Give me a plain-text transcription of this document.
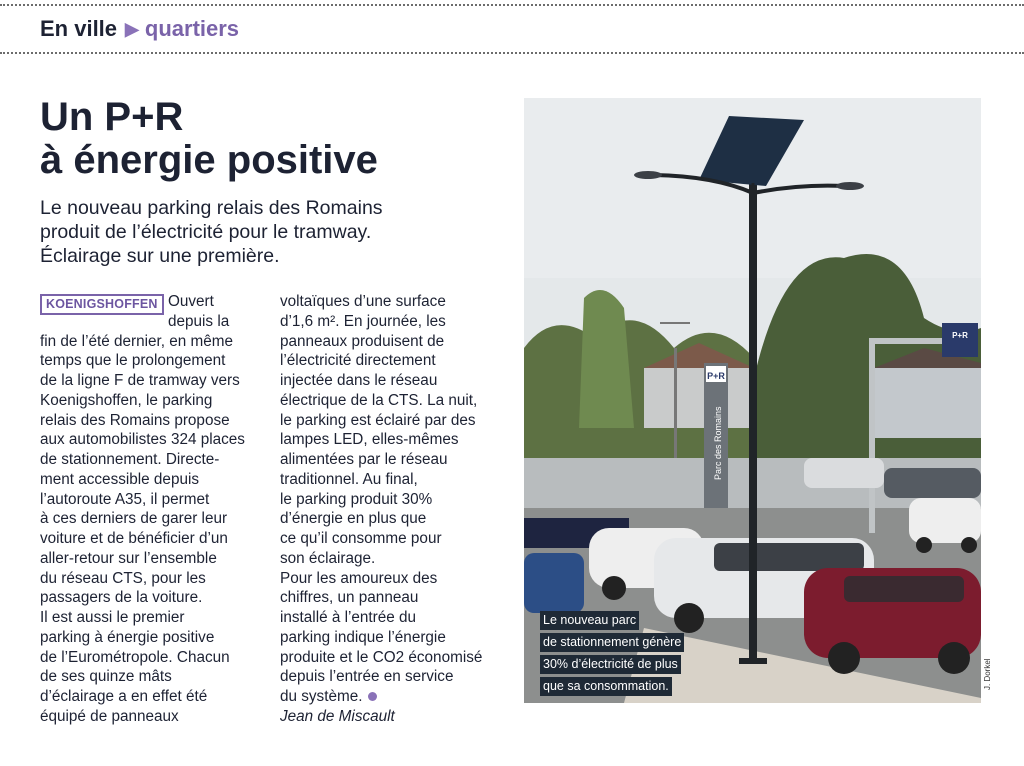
En ville ▶ quartiers
Un P+R
à énergie positive

Le nouveau parking relais des Romains
produit de l’électricité pour le tramway.
Éclairage sur une première.

KOENIGSHOFFEN Ouvert
depuis la
fin de l’été dernier, en même
temps que le prolongement
de la ligne F de tramway vers
Koenigshoffen, le parking
relais des Romains propose
aux automobilistes 324 places
de stationnement. Directe-
ment accessible depuis
l’autoroute A35, il permet
à ces derniers de garer leur
voiture et de bénéficier d’un
aller-retour sur l’ensemble
du réseau CTS, pour les
passagers de la voiture.
Il est aussi le premier
parking à énergie positive
de l’Eurométropole. Chacun
de ses quinze mâts
d’éclairage a en effet été
équipé de panneaux
voltaïques d’une surface
d’1,6 m². En journée, les
panneaux produisent de
l’électricité directement
injectée dans le réseau
électrique de la CTS. La nuit,
le parking est éclairé par des
lampes LED, elles-mêmes
alimentées par le réseau
traditionnel. Au final,
le parking produit 30%
d’énergie en plus que
ce qu’il consomme pour
son éclairage.
Pour les amoureux des
chiffres, un panneau
installé à l’entrée du
parking indique l’énergie
produite et le CO2 économisé
depuis l’entrée en service
du système.
Jean de Miscault
P+R
Parc des Romains
P+R
Le nouveau parc
de stationnement génère
30% d’électricité de plus
que sa consommation.	J. Dorkel
